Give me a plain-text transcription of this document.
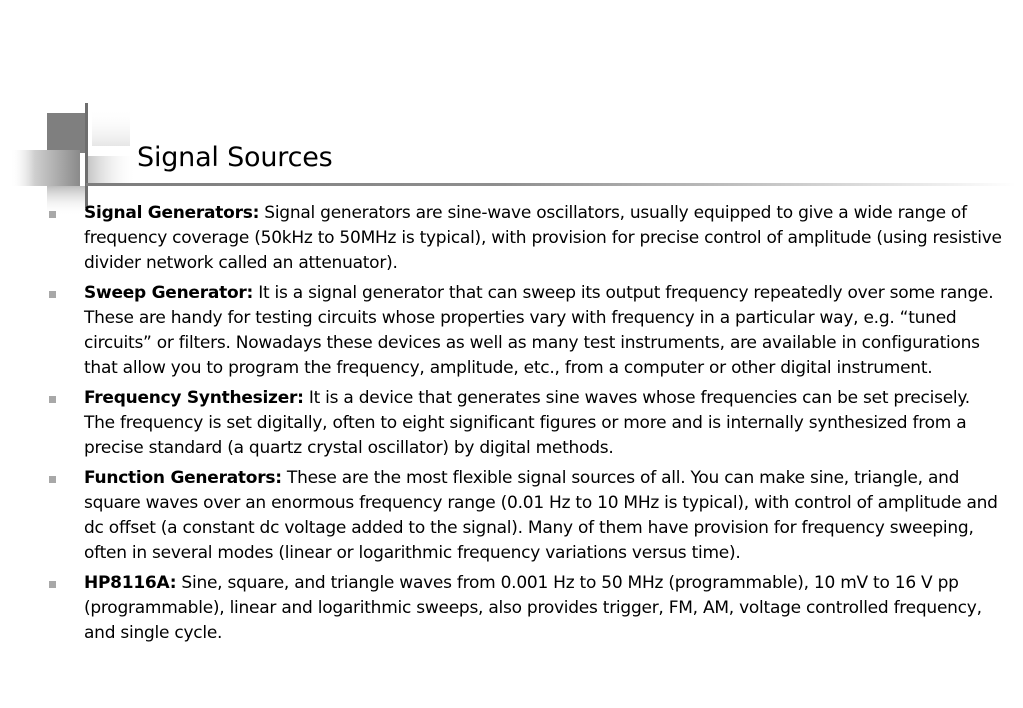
Signal Sources
Signal Generators: Signal generators are sine-wave oscillators, usually equipped to give a wide range of frequency coverage (50kHz to 50MHz is typical), with provision for precise control of amplitude (using resistive divider network called an attenuator).
Sweep Generator: It is a signal generator that can sweep its output frequency repeatedly over some range. These are handy for testing circuits whose properties vary with frequency in a particular way, e.g. “tuned circuits” or filters. Nowadays these devices as well as many test instruments, are available in configurations that allow you to program the frequency, amplitude, etc., from a computer or other digital instrument.
Frequency Synthesizer: It is a device that generates sine waves whose frequencies can be set precisely. The frequency is set digitally, often to eight significant figures or more and is internally synthesized from a precise standard (a quartz crystal oscillator) by digital methods.
Function Generators: These are the most flexible signal sources of all. You can make sine, triangle, and square waves over an enormous frequency range (0.01 Hz to 10 MHz is typical), with control of amplitude and dc offset (a constant dc voltage added to the signal). Many of them have provision for frequency sweeping, often in several modes (linear or logarithmic frequency variations versus time).
HP8116A: Sine, square, and triangle waves from 0.001 Hz to 50 MHz (programmable), 10 mV to 16 V pp (programmable), linear and logarithmic sweeps, also provides trigger, FM, AM, voltage controlled frequency, and single cycle.
